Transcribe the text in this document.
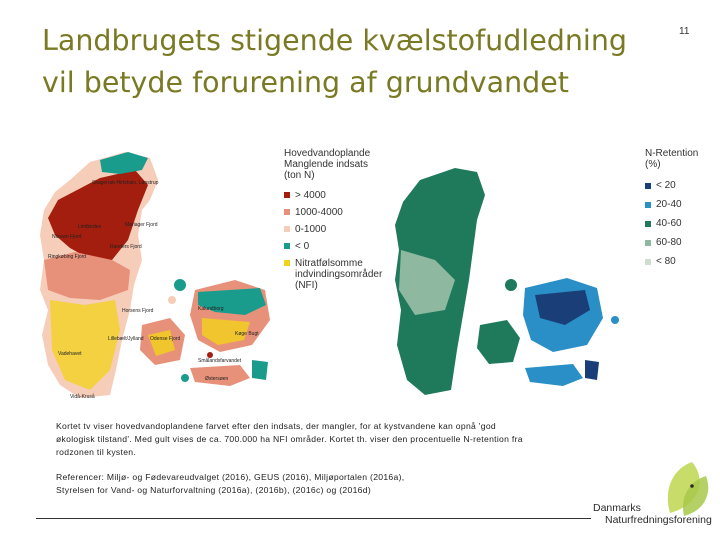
Landbrugets stigende kvælstofudledning vil betyde forurening af grundvandet
11
Skagerrak-Hirtshals, Lønstrup
Mariager Fjord
Limfjorden
Randers Fjord
Ringkøbing Fjord
Nissum Fjord
Horsens Fjord	Kalundborg
Køge Bugt
Lillebælt/Jylland Odense Fjord
Vadehavet
Smålandsfarvandet
Østersøen
Vidå-Kruså
Hovedvandoplande
Manglende indsats
(ton N)
> 4000
1000-4000
0-1000
< 0
Nitratfølsomme
indvindingsområder
(NFI)
N-Retention
(%)
< 20
20-40
40-60
60-80
< 80
Kortet tv viser hovedvandoplandene farvet efter den indsats, der mangler, for at kystvandene kan opnå 'god
økologisk tilstand'. Med gult vises de ca. 700.000 ha NFI områder. Kortet th. viser den procentuelle N-retention fra
rodzonen til kysten.
Referencer: Miljø- og Fødevareudvalget (2016), GEUS (2016), Miljøportalen (2016a),
Styrelsen for Vand- og Naturforvaltning (2016a), (2016b), (2016c) og (2016d)
Danmarks
Naturfredningsforening
